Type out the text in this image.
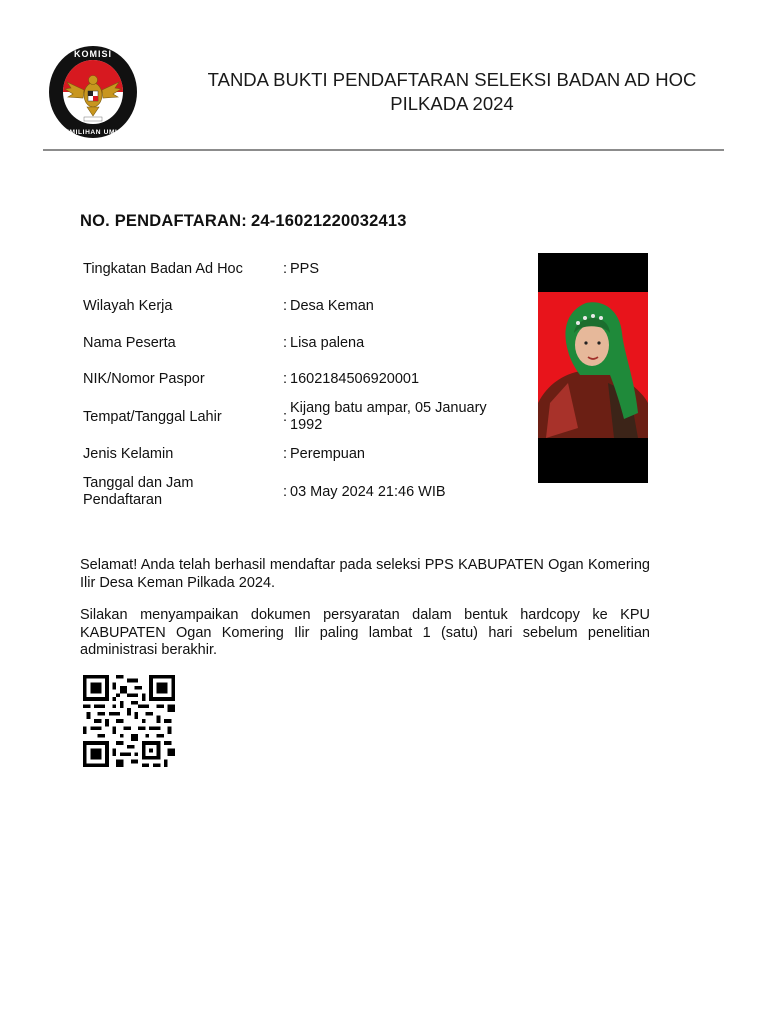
KOMISI
PEMILIHAN UMUM
TANDA BUKTI PENDAFTARAN SELEKSI BADAN AD HOC
PILKADA 2024
NO. PENDAFTARAN: 24-16021220032413
Tingkatan Badan Ad Hoc	:	PPS
Wilayah Kerja	:	Desa Keman
Nama Peserta	:	Lisa palena
NIK/Nomor Paspor	:	1602184506920001
Tempat/Tanggal Lahir	:	Kijang batu ampar, 05 January 1992
Jenis Kelamin	:	Perempuan
Tanggal dan Jam Pendaftaran	:	03 May 2024 21:46 WIB
Selamat! Anda telah berhasil mendaftar pada seleksi PPS KABUPATEN Ogan Komering Ilir Desa Keman Pilkada 2024.
Silakan menyampaikan dokumen persyaratan dalam bentuk hardcopy ke KPU KABUPATEN Ogan Komering Ilir paling lambat 1 (satu) hari sebelum penelitian administrasi berakhir.
